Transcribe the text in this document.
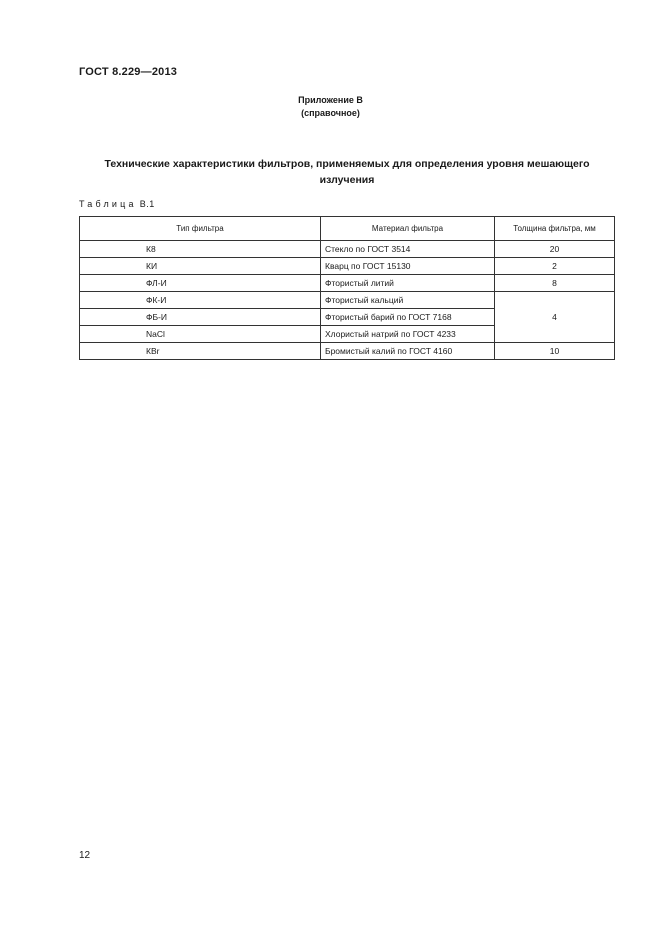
ГОСТ 8.229—2013
Приложение В
(справочное)
Технические характеристики фильтров, применяемых для определения уровня мешающего излучения
Таблица В.1
Тип фильтра	Материал фильтра	Толщина фильтра, мм
К8	Стекло по ГОСТ 3514	20
КИ	Кварц по ГОСТ 15130	2
ФЛ-И	Фтористый литий	8
ФК-И	Фтористый кальций	4
ФБ-И	Фтористый барий по ГОСТ 7168	
NaCl	Хлористый натрий по ГОСТ 4233	
КВr	Бромистый калий по ГОСТ 4160	10
12
